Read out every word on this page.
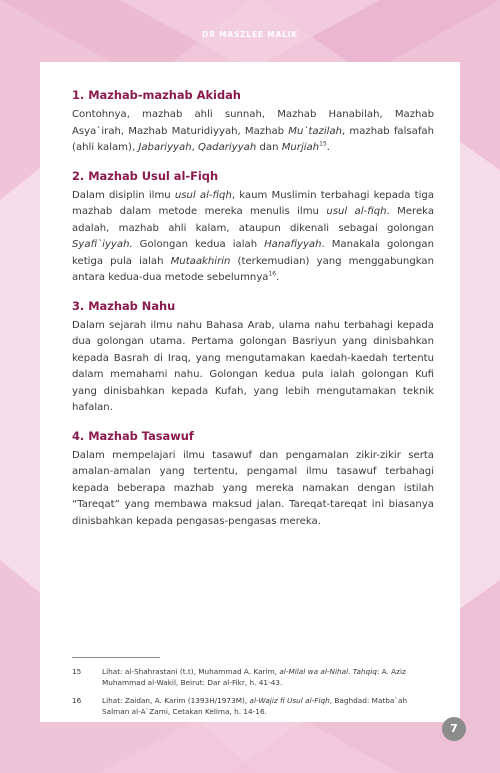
DR MASZLEE MALIK
1. Mazhab-mazhab Akidah

Contohnya, mazhab ahli sunnah, Mazhab Hanabilah, Mazhab Asya`irah, Mazhab Maturidiyyah, Mazhab Mu`tazilah, mazhab falsafah (ahli kalam), Jabariyyah, Qadariyyah dan Murjiah$^{15}$.

2. Mazhab Usul al-Fiqh

Dalam disiplin ilmu usul al-fiqh, kaum Muslimin terbahagi kepada tiga mazhab dalam metode mereka menulis ilmu usul al-fiqh. Mereka adalah, mazhab ahli kalam, ataupun dikenali sebagai golongan Syafi`iyyah. Golongan kedua ialah Hanafiyyah. Manakala golongan ketiga pula ialah Mutaakhirin (terkemudian) yang menggabungkan antara kedua-dua metode sebelumnya$^{16}$.

3. Mazhab Nahu

Dalam sejarah ilmu nahu Bahasa Arab, ulama nahu terbahagi kepada dua golongan utama. Pertama golongan Basriyun yang dinisbahkan kepada Basrah di Iraq, yang mengutamakan kaedah-kaedah tertentu dalam memahami nahu. Golongan kedua pula ialah golongan Kufi yang dinisbahkan kepada Kufah, yang lebih mengutamakan teknik hafalan.

4. Mazhab Tasawuf

Dalam mempelajari ilmu tasawuf dan pengamalan zikir-zikir serta amalan-amalan yang tertentu, pengamal ilmu tasawuf terbahagi kepada beberapa mazhab yang mereka namakan dengan istilah “Tareqat” yang membawa maksud jalan. Tareqat-tareqat ini biasanya dinisbahkan kepada pengasas-pengasas mereka.

15	Lihat: al-Shahrastani (t.t), Muhammad A. Karim, al-Milal wa al-Nihal. Tahqiq: A. Aziz Muhammad al-Wakil, Beirut: Dar al-Fikr, h. 41-43.
16	Lihat: Zaidan, A. Karim (1393H/1973M), al-Wajiz fi Usul al-Fiqh, Baghdad: Matba`ah Salman al-A`Zami, Cetakan Kelima, h. 14-16.
7
